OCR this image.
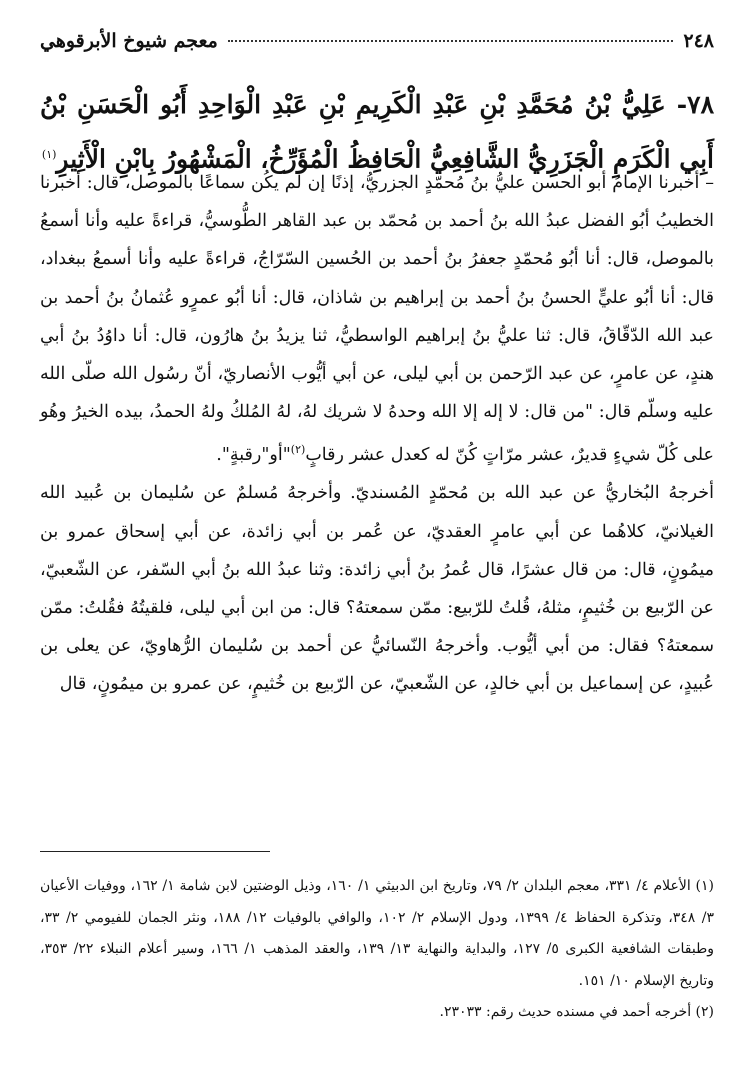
٢٤٨
معجم شيوخ الأبرقوهي
٧٨- عَلِيُّ بْنُ مُحَمَّدِ بْنِ عَبْدِ الْكَرِيمِ بْنِ عَبْدِ الْوَاحِدِ أَبُو الْحَسَنِ بْنُ أَبِي الْكَرَمِ الْجَزَرِيُّ الشَّافِعِيُّ الْحَافِظُ الْمُؤَرِّخُ، الْمَشْهُورُ بِابْنِ الْأَثِيرِ$^{(١)}$

– أخبرنا الإمامُ أبو الحسن عليُّ بنُ مُحمّدٍ الجزريُّ، إذنًا إن لم يكُن سماعًا بالموصل، قال: أخبرنا الخطيبُ أبُو الفضل عبدُ الله بنُ أحمد بن مُحمّد بن عبد القاهر الطُّوسيُّ، قراءةً عليه وأنا أسمعُ بالموصل، قال: أنا أبُو مُحمّدٍ جعفرُ بنُ أحمد بن الحُسين السّرّاجُ، قراءةً عليه وأنا أسمعُ ببغداد، قال: أنا أبُو عليٍّ الحسنُ بنُ أحمد بن إبراهيم بن شاذان، قال: أنا أبُو عمرٍو عُثمانُ بنُ أحمد بن عبد الله الدّقّاقُ، قال: ثنا عليُّ بنُ إبراهيم الواسطيُّ، ثنا يزيدُ بنُ هارُون، قال: أنا داوُدُ بنُ أبي هندٍ، عن عامرٍ، عن عبد الرّحمن بن أبي ليلى، عن أبي أيُّوب الأنصاريّ، أنّ رسُول الله صلّى الله عليه وسلّم قال: "من قال: لا إله إلا الله وحدهُ لا شريك لهُ، لهُ المُلكُ ولهُ الحمدُ، بيده الخيرُ وهُو على كُلّ شيءٍ قديرٌ، عشر مرّاتٍ كُنّ له كعدل عشر رقابٍ$^{(٢)}$"أو"رقبةٍ".

أخرجهُ البُخاريُّ عن عبد الله بن مُحمّدٍ المُسنديّ. وأخرجهُ مُسلمٌ عن سُليمان بن عُبيد الله الغيلانيّ، كلاهُما عن أبي عامرٍ العقديّ، عن عُمر بن أبي زائدة، عن أبي إسحاق عمرو بن ميمُونٍ، قال: من قال عشرًا، قال عُمرُ بنُ أبي زائدة: وثنا عبدُ الله بنُ أبي السّفر، عن الشّعبيّ، عن الرّبيع بن خُثيمٍ، مثلهُ، قُلتُ للرّبيع: ممّن سمعتهُ؟ قال: من ابن أبي ليلى، فلقيتُهُ فقُلتُ: ممّن سمعتهُ؟ فقال: من أبي أيُّوب. وأخرجهُ النّسائيُّ عن أحمد بن سُليمان الرُّهاويّ، عن يعلى بن عُبيدٍ، عن إسماعيل بن أبي خالدٍ، عن الشّعبيّ، عن الرّبيع بن خُثيمٍ، عن عمرو بن ميمُونٍ، قال

(١) الأعلام ٤/ ٣٣١، معجم البلدان ٢/ ٧٩، وتاريخ ابن الدبيثي ١/ ١٦٠، وذيل الوضتين لابن شامة ١/ ١٦٢، ووفيات الأعيان ٣/ ٣٤٨، وتذكرة الحفاظ ٤/ ١٣٩٩، ودول الإسلام ٢/ ١٠٢، والوافي بالوفيات ١٢/ ١٨٨، ونثر الجمان للفيومي ٢/ ٣٣، وطبقات الشافعية الكبرى ٥/ ١٢٧، والبداية والنهاية ١٣/ ١٣٩، والعقد المذهب ١/ ١٦٦، وسير أعلام النبلاء ٢٢/ ٣٥٣، وتاريخ الإسلام ١٠/ ١٥١.

(٢) أخرجه أحمد في مسنده حديث رقم: ٢٣٠٣٣.
